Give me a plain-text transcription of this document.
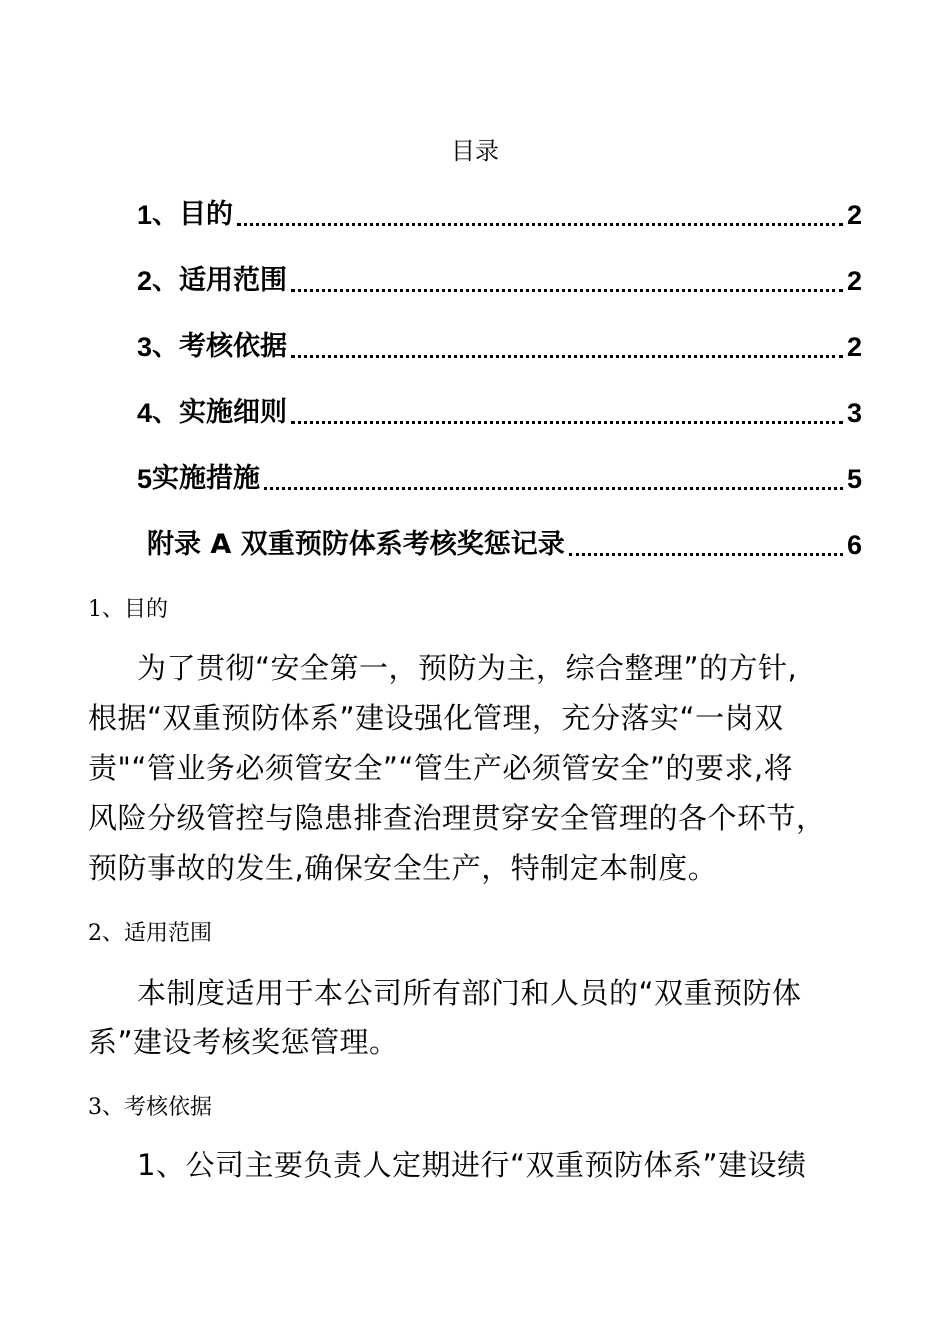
目录
1 、目的	2
2 、适用范围	2
3 、考核依据	2
4 、实施细则	3
5 实施措施	5
附录 A 双重预防体系考核奖惩记录	6
1、目的
为了贯彻“安全第一，预防为主，综合整理”的方针,
根据“双重预防体系”建设强化管理，充分落实“一岗双
责"“管业务必须管安全”“管生产必须管安全”的要求,将
风险分级管控与隐患排查治理贯穿安全管理的各个环节，
预防事故的发生,确保安全生产，特制定本制度。
2、适用范围
本制度适用于本公司所有部门和人员的“双重预防体
系”建设考核奖惩管理。
3、考核依据
1、公司主要负责人定期进行“双重预防体系”建设绩
